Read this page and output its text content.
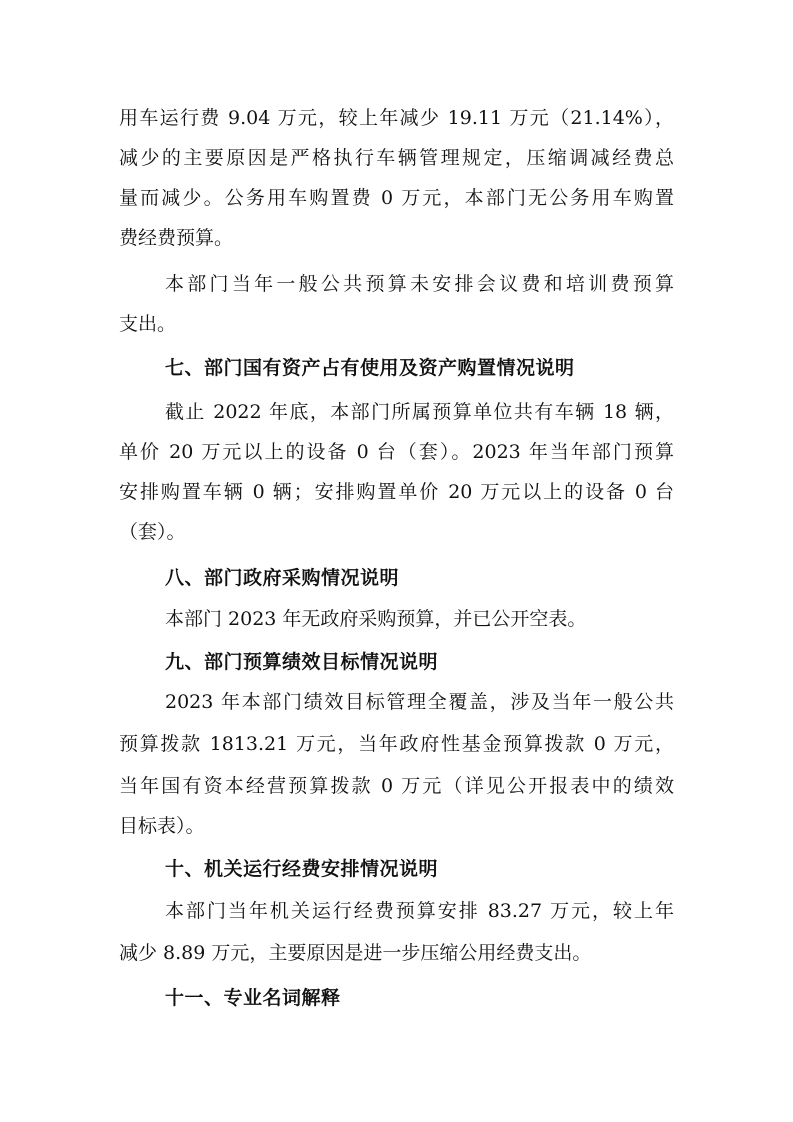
用车运行费 9.04 万元，较上年减少 19.11 万元（21.14%），
减少的主要原因是严格执行车辆管理规定，压缩调减经费总
量而减少。公务用车购置费 0 万元，本部门无公务用车购置
费经费预算。
本部门当年一般公共预算未安排会议费和培训费预算
支出。
七、部门国有资产占有使用及资产购置情况说明
截止 2022 年底，本部门所属预算单位共有车辆 18 辆，
单价 20 万元以上的设备 0 台（套）。2023 年当年部门预算
安排购置车辆 0 辆；安排购置单价 20 万元以上的设备 0 台
（套）。
八、部门政府采购情况说明
本部门 2023 年无政府采购预算，并已公开空表。
九、部门预算绩效目标情况说明
2023 年本部门绩效目标管理全覆盖，涉及当年一般公共
预算拨款 1813.21 万元，当年政府性基金预算拨款 0 万元，
当年国有资本经营预算拨款 0 万元（详见公开报表中的绩效
目标表）。
十、机关运行经费安排情况说明
本部门当年机关运行经费预算安排 83.27 万元，较上年
减少 8.89 万元，主要原因是进一步压缩公用经费支出。
十一、专业名词解释
